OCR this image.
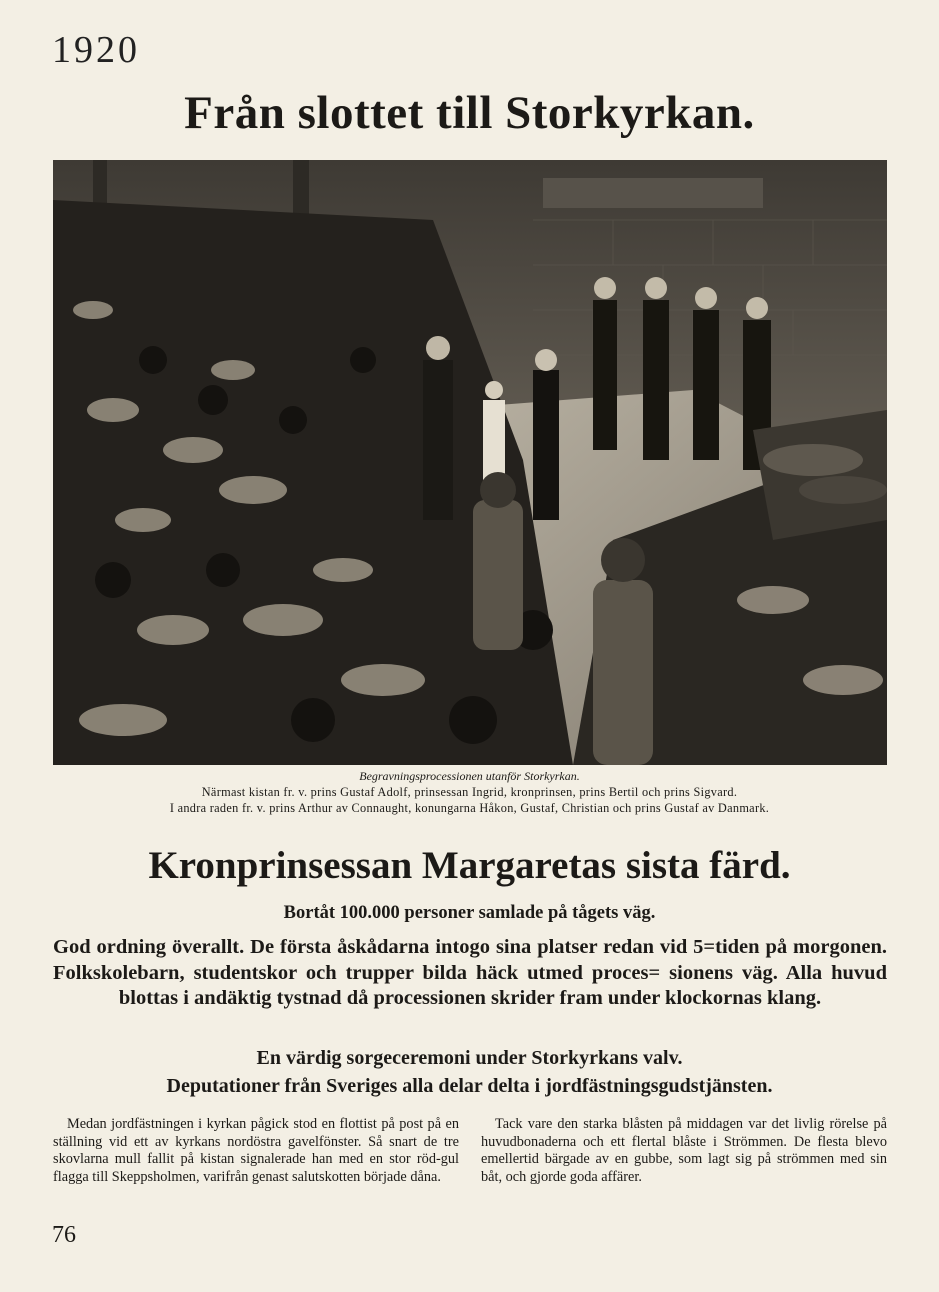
1920
Från slottet till Storkyrkan.
Begravningsprocessionen utanför Storkyrkan.
Närmast kistan fr. v. prins Gustaf Adolf, prinsessan Ingrid, kronprinsen, prins Bertil och prins Sigvard.
I andra raden fr. v. prins Arthur av Connaught, konungarna Håkon, Gustaf, Christian och prins Gustaf av Danmark.
Kronprinsessan Margaretas sista färd.
Bortåt 100.000 personer samlade på tågets väg.
God ordning överallt. De första åskådarna intogo sina platser redan vid 5=tiden på morgonen. Folkskolebarn, studentskor och trupper bilda häck utmed proces= sionens väg. Alla huvud blottas i andäktig tystnad då processionen skrider fram under klockornas klang.
En värdig sorgeceremoni under Storkyrkans valv.
Deputationer från Sveriges alla delar delta i jordfästningsgudstjänsten.
Medan jordfästningen i kyrkan pågick stod en flottist på post på en ställning vid ett av kyrkans nordöstra gavelfönster. Så snart de tre skovlarna mull fallit på kistan signalerade han med en stor röd-gul flagga till Skeppsholmen, varifrån genast salutskotten började dåna.
Tack vare den starka blåsten på middagen var det livlig rörelse på huvudbonaderna och ett flertal blåste i Strömmen. De flesta blevo emellertid bärgade av en gubbe, som lagt sig på strömmen med sin båt, och gjorde goda affärer.
76
